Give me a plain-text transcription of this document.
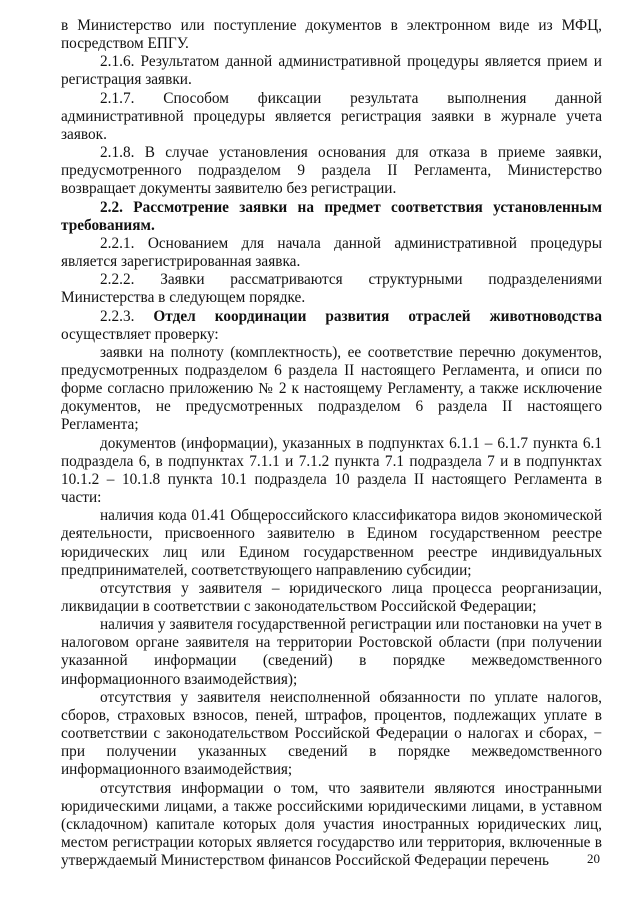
в Министерство или поступление документов в электронном виде из МФЦ, посредством ЕПГУ.

2.1.6. Результатом данной административной процедуры является прием и регистрация заявки.

2.1.7. Способом фиксации результата выполнения данной административной процедуры является регистрация заявки в журнале учета заявок.

2.1.8. В случае установления основания для отказа в приеме заявки, предусмотренного подразделом 9 раздела II Регламента, Министерство возвращает документы заявителю без регистрации.

2.2. Рассмотрение заявки на предмет соответствия установленным требованиям.

2.2.1. Основанием для начала данной административной процедуры является зарегистрированная заявка.

2.2.2. Заявки рассматриваются структурными подразделениями Министерства в следующем порядке.

2.2.3. Отдел координации развития отраслей животноводства осуществляет проверку:

заявки на полноту (комплектность), ее соответствие перечню документов, предусмотренных подразделом 6 раздела II настоящего Регламента, и описи по форме согласно приложению № 2 к настоящему Регламенту, а также исключение документов, не предусмотренных подразделом 6 раздела II настоящего Регламента;

документов (информации), указанных в подпунктах 6.1.1 – 6.1.7 пункта 6.1 подраздела 6, в подпунктах 7.1.1 и 7.1.2 пункта 7.1 подраздела 7 и в подпунктах 10.1.2 – 10.1.8 пункта 10.1 подраздела 10 раздела II настоящего Регламента в части:

наличия кода 01.41 Общероссийского классификатора видов экономической деятельности, присвоенного заявителю в Едином государственном реестре юридических лиц или Едином государственном реестре индивидуальных предпринимателей, соответствующего направлению субсидии;

отсутствия у заявителя – юридического лица процесса реорганизации, ликвидации в соответствии с законодательством Российской Федерации;

наличия у заявителя государственной регистрации или постановки на учет в налоговом органе заявителя на территории Ростовской области (при получении указанной информации (сведений) в порядке межведомственного информационного взаимодействия);

отсутствия у заявителя неисполненной обязанности по уплате налогов, сборов, страховых взносов, пеней, штрафов, процентов, подлежащих уплате в соответствии с законодательством Российской Федерации о налогах и сборах, − при получении указанных сведений в порядке межведомственного информационного взаимодействия;

отсутствия информации о том, что заявители являются иностранными юридическими лицами, а также российскими юридическими лицами, в уставном (складочном) капитале которых доля участия иностранных юридических лиц, местом регистрации которых является государство или территория, включенные в утверждаемый Министерством финансов Российской Федерации перечень	20
